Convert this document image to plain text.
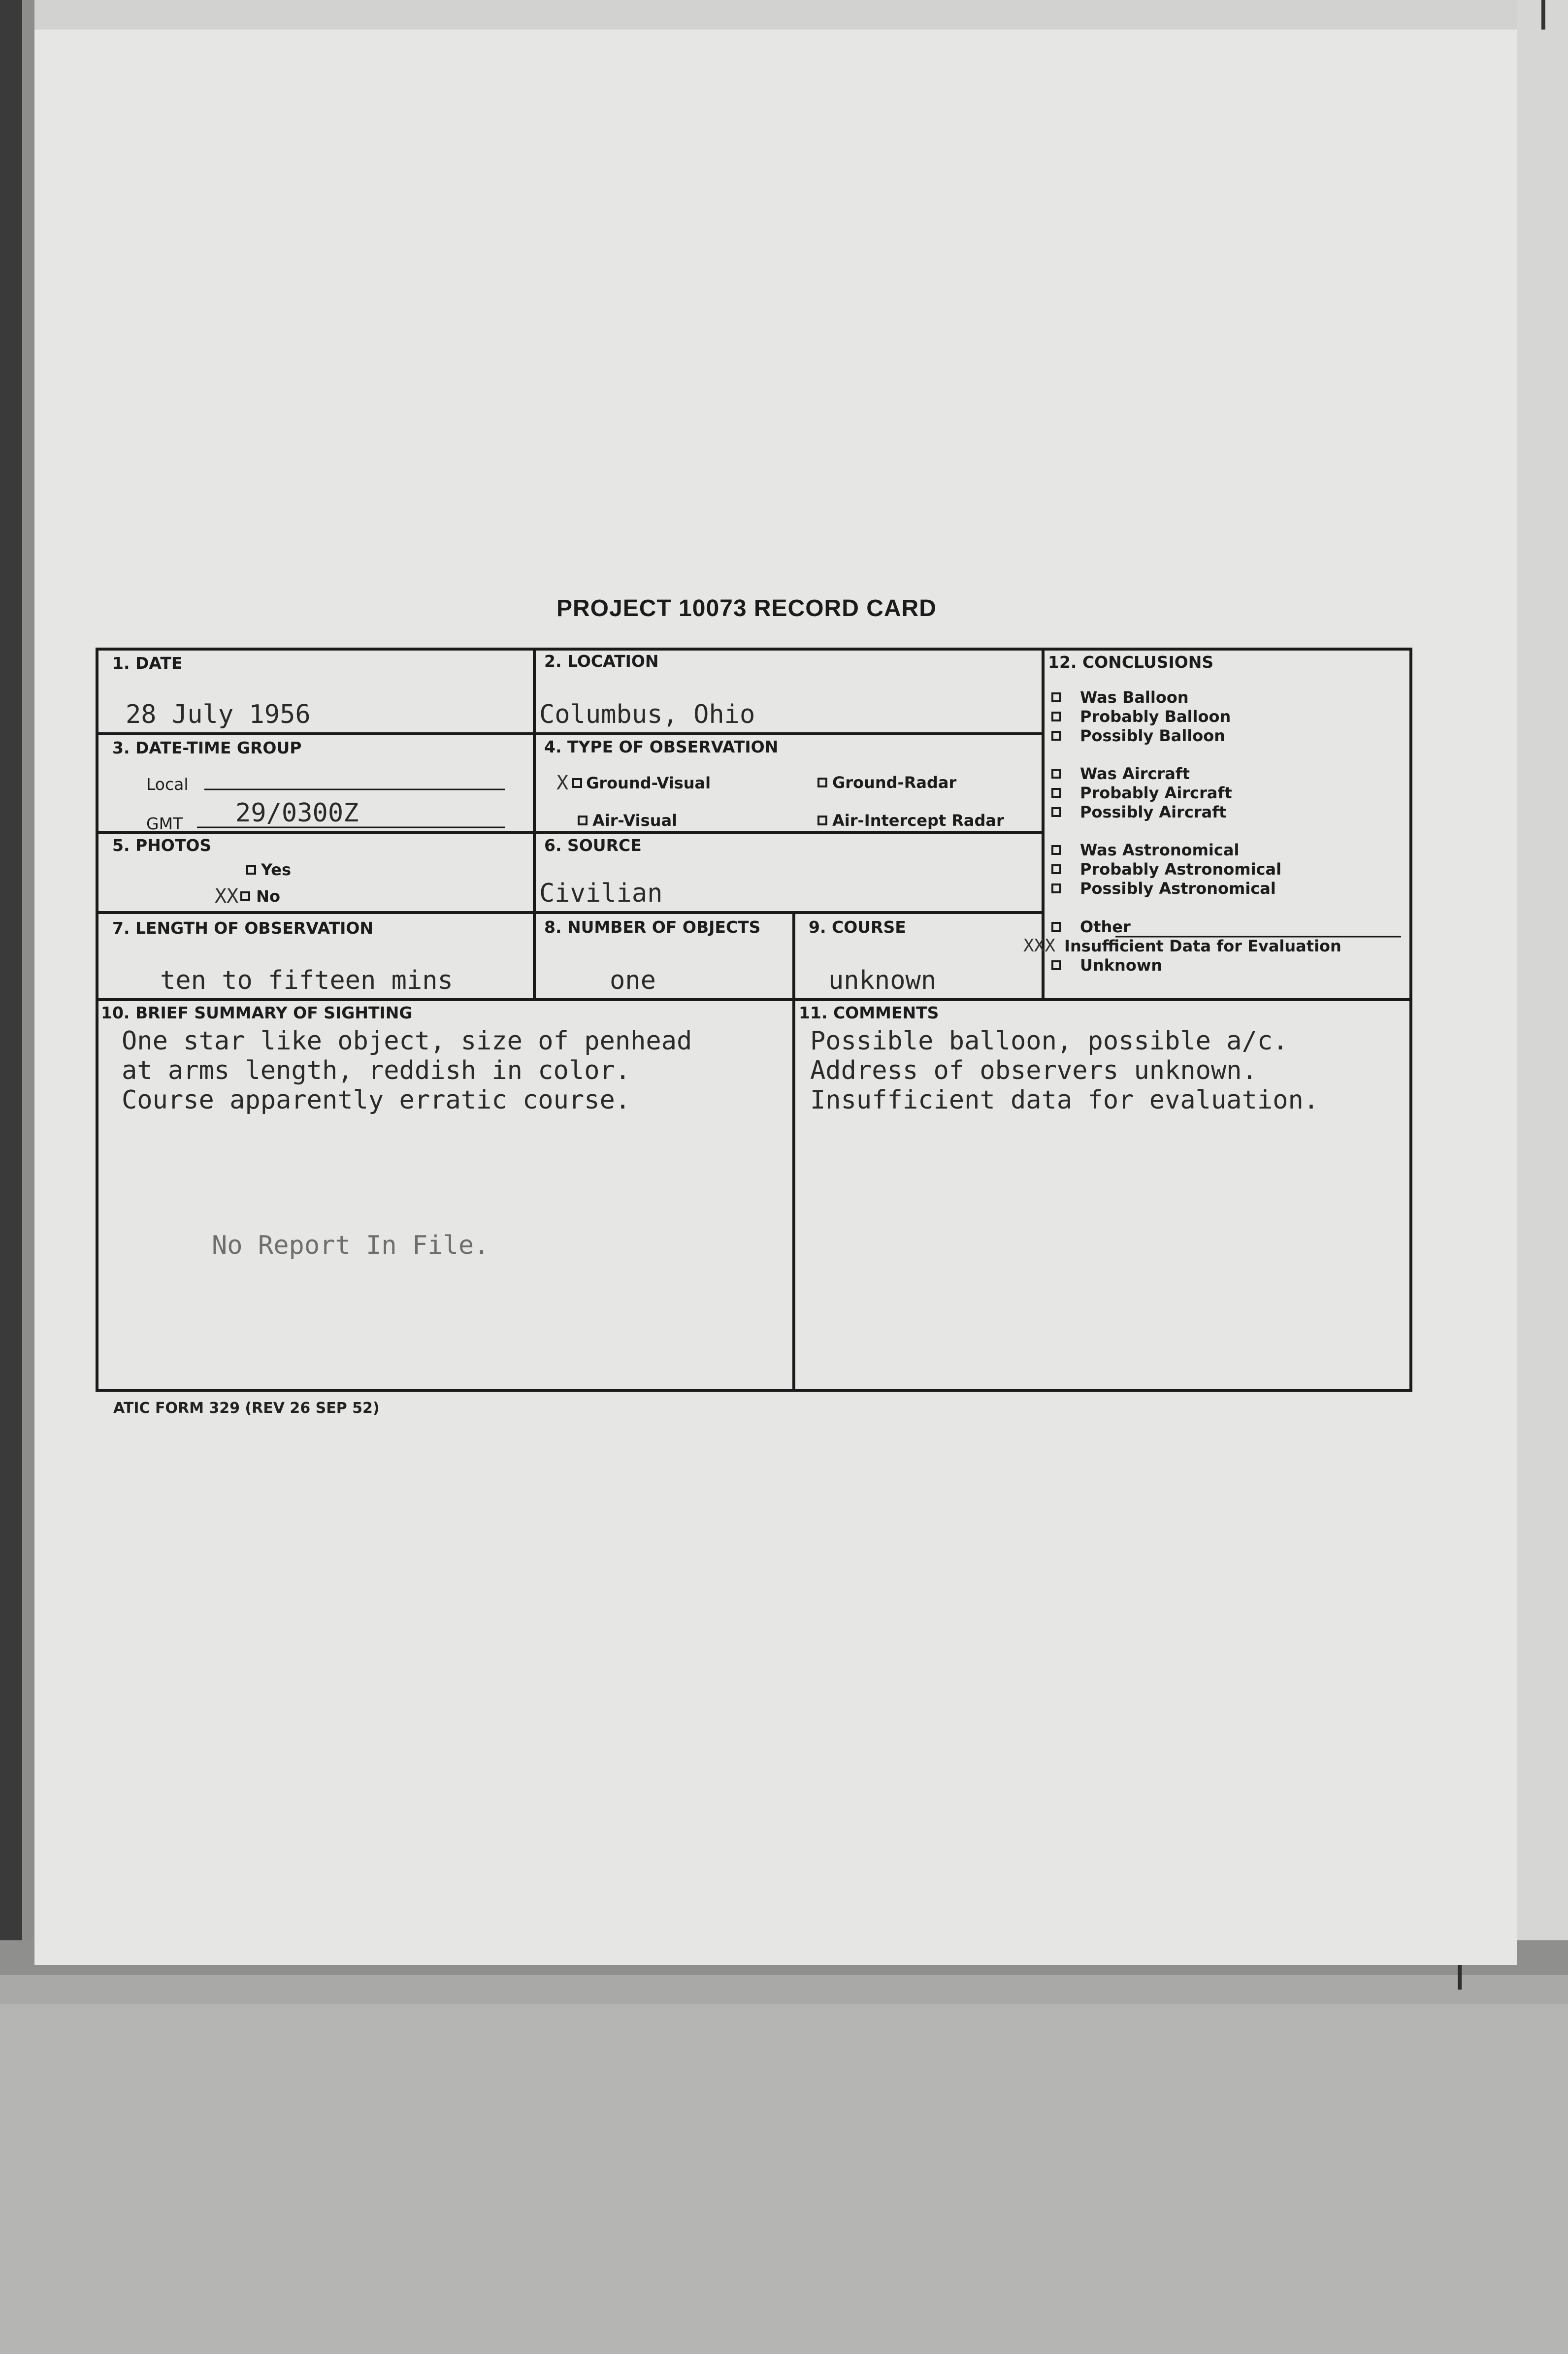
PROJECT 10073 RECORD CARD
1. DATE
28 July 1956
2. LOCATION
Columbus, Ohio
3. DATE-TIME GROUP
Local
GMT 29/0300Z
4. TYPE OF OBSERVATION
X Ground-Visual	Ground-Radar
Air-Visual	Air-Intercept Radar
5. PHOTOS
Yes
XX No
6. SOURCE
Civilian
7. LENGTH OF OBSERVATION
ten to fifteen mins
8. NUMBER OF OBJECTS
one
9. COURSE
unknown
10. BRIEF SUMMARY OF SIGHTING
One star like object, size of penhead
at arms length, reddish in color.
Course apparently erratic course.
No Report In File.
11. COMMENTS
Possible balloon, possible a/c.
Address of observers unknown.
Insufficient data for evaluation.
12. CONCLUSIONS
Was Balloon
Probably Balloon
Possibly Balloon
Was Aircraft
Probably Aircraft
Possibly Aircraft
Was Astronomical
Probably Astronomical
Possibly Astronomical
Other
XXX Insufficient Data for Evaluation
Unknown
ATIC FORM 329 (REV 26 SEP 52)
